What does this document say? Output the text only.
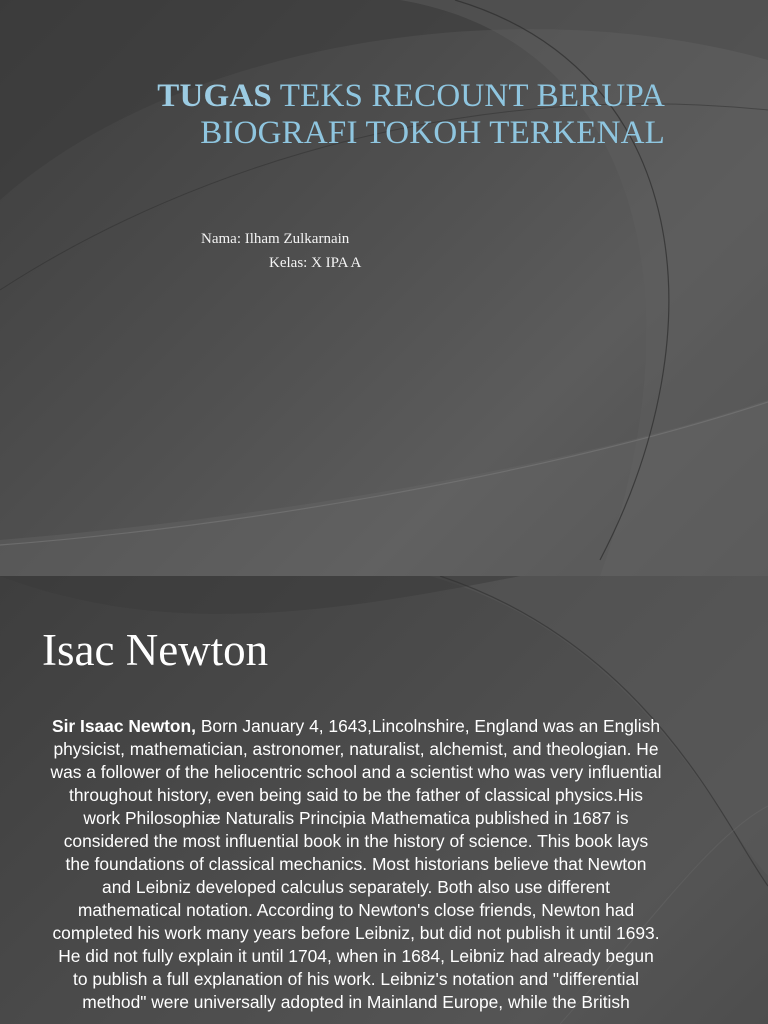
TUGAS TEKS RECOUNT BERUPA
BIOGRAFI TOKOH TERKENAL
Nama: Ilham Zulkarnain
Kelas: X IPA A
Isac Newton

Sir Isaac Newton, Born January 4, 1643,Lincolnshire, England was an English physicist, mathematician, astronomer, naturalist, alchemist, and theologian. He was a follower of the heliocentric school and a scientist who was very influential throughout history, even being said to be the father of classical physics.His work Philosophiæ Naturalis Principia Mathematica published in 1687 is considered the most influential book in the history of science. This book lays the foundations of classical mechanics. Most historians believe that Newton and Leibniz developed calculus separately. Both also use different mathematical notation. According to Newton's close friends, Newton had completed his work many years before Leibniz, but did not publish it until 1693. He did not fully explain it until 1704, when in 1684, Leibniz had already begun to publish a full explanation of his work. Leibniz's notation and "differential method" were universally adopted in Mainland Europe, while the British
